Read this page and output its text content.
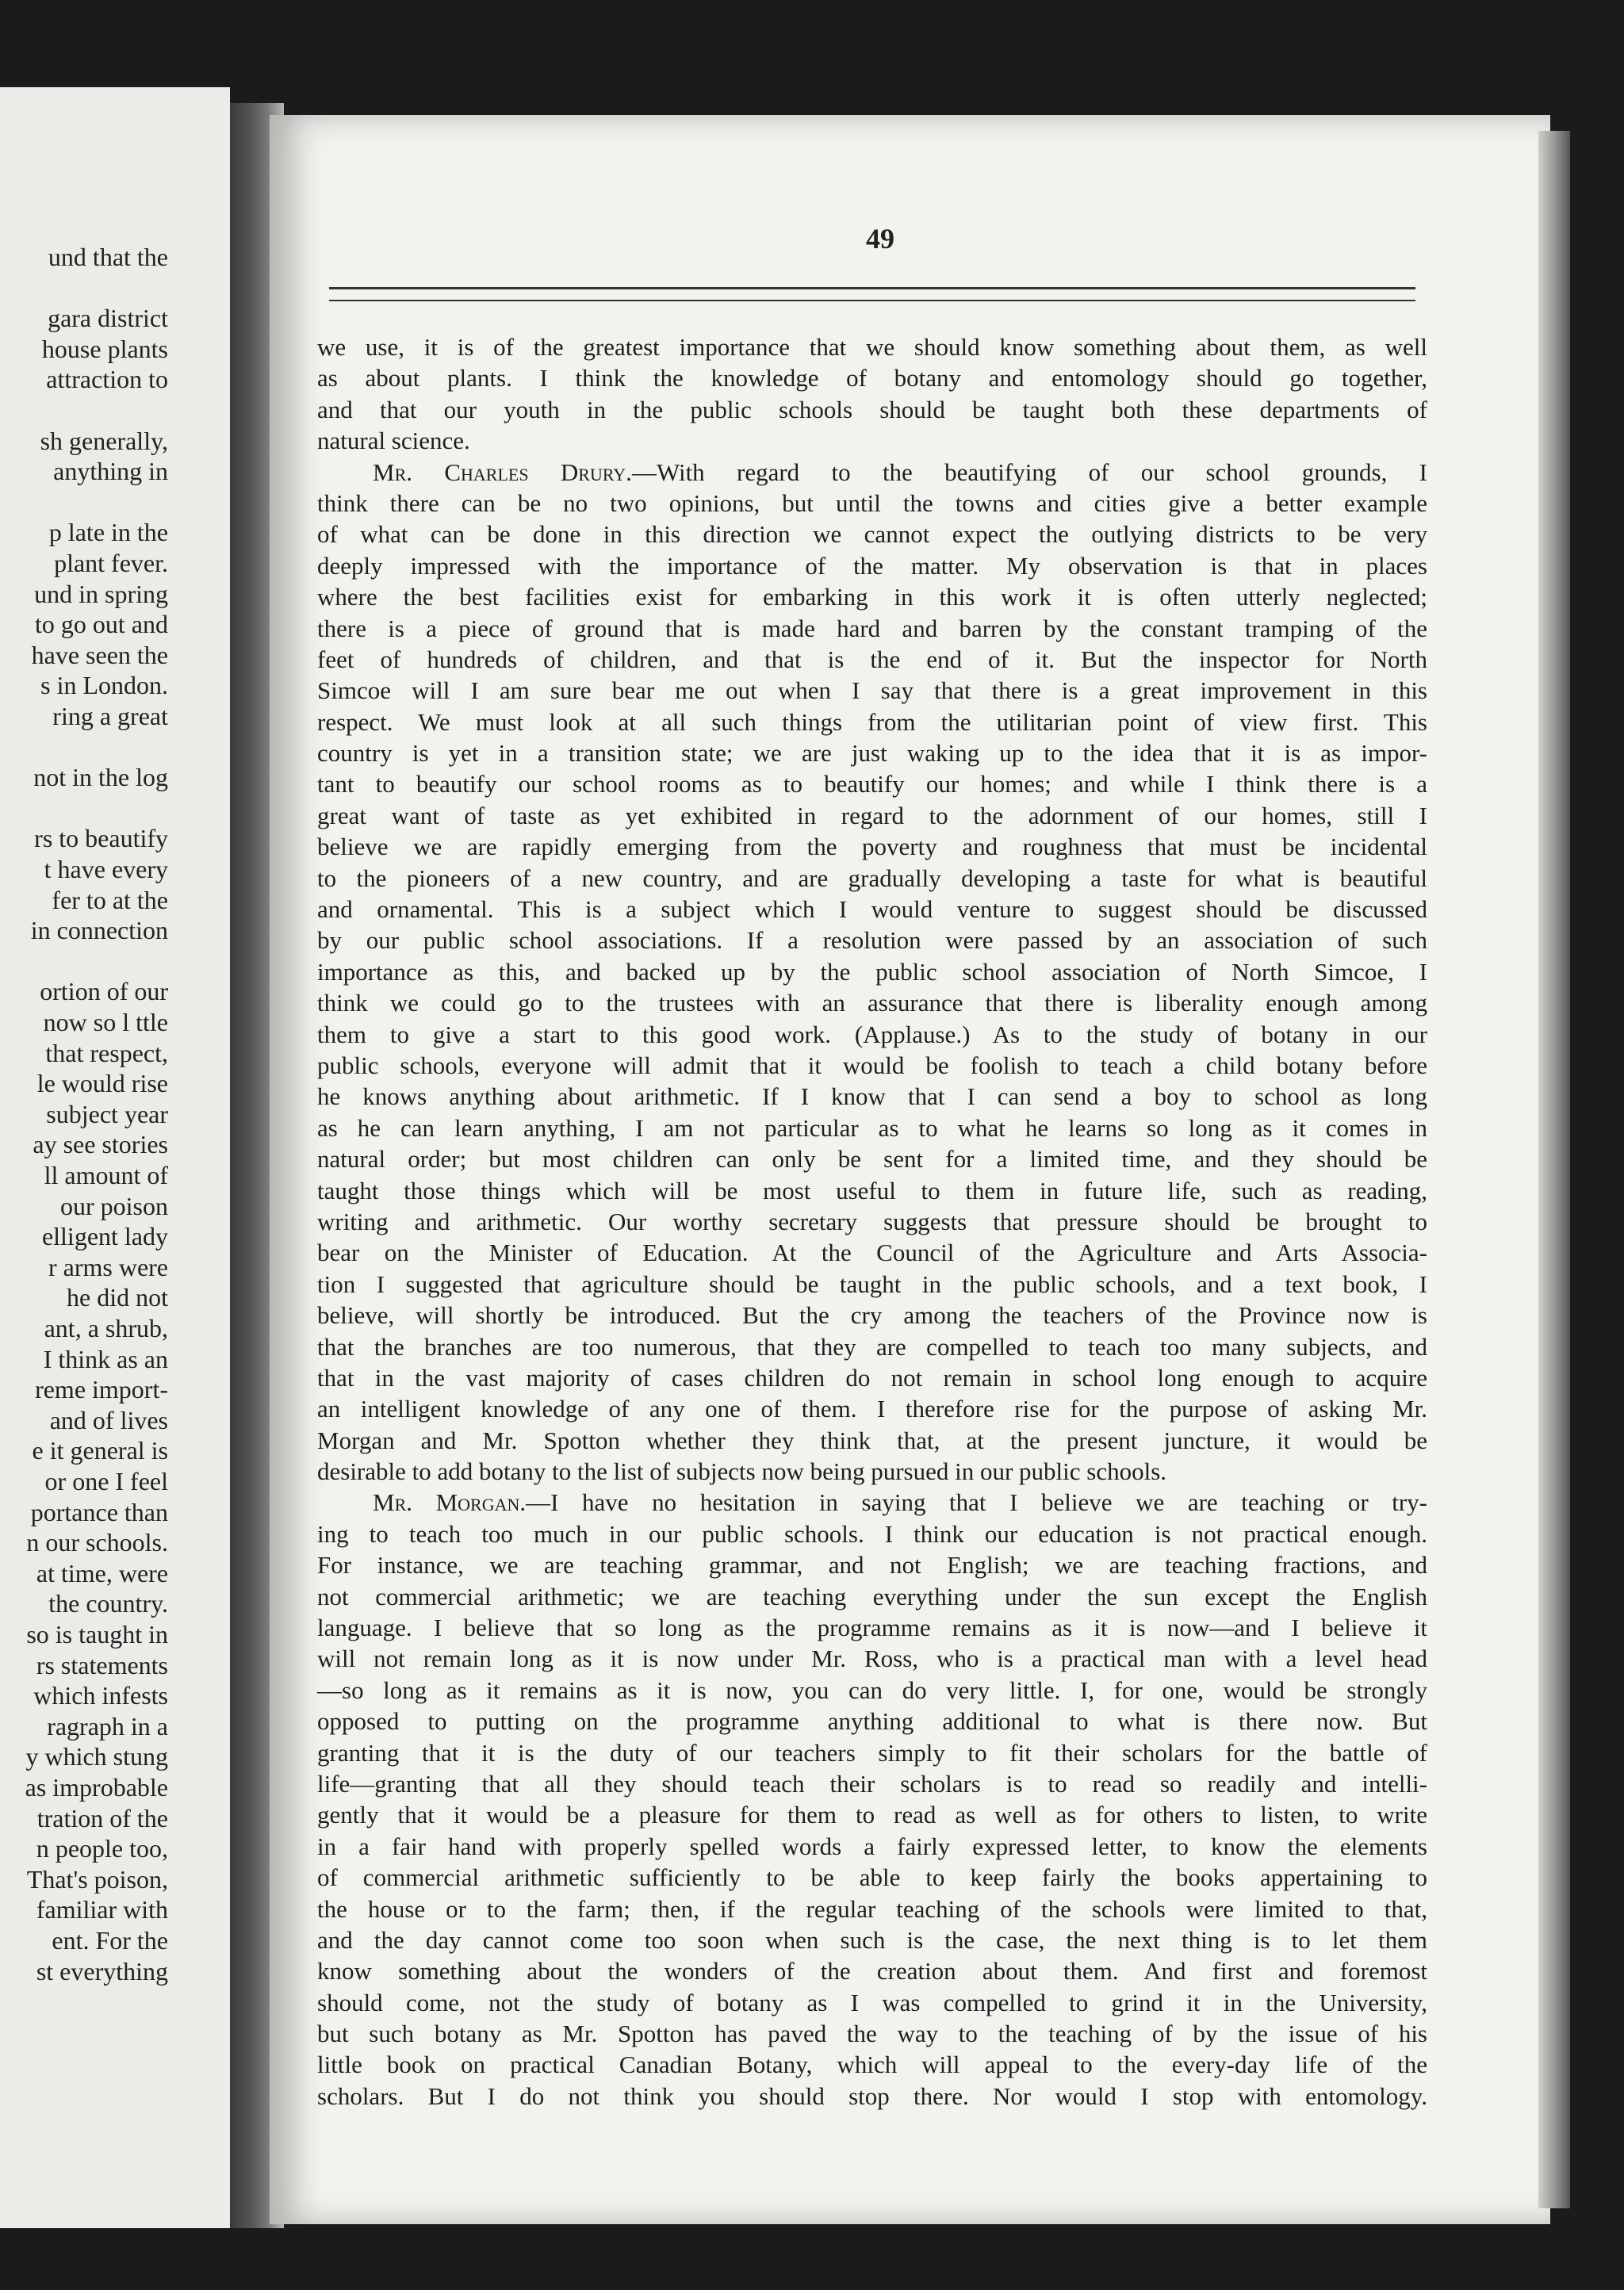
und that the
gara district
house plants
attraction to
sh generally,
anything in
p late in the
plant fever.
und in spring
to go out and
have seen the
s in London.
ring a great
not in the log
rs to beautify
t have every
fer to at the
in connection
ortion of our
now so l ttle
that respect,
le would rise
subject year
ay see stories
ll amount of
our poison
elligent lady
r arms were
he did not
ant, a shrub,
I think as an
reme import-
and of lives
e it general is
or one I feel
portance than
n our schools.
at time, were
the country.
so is taught in
rs statements
which infests
ragraph in a
y which stung
as improbable
tration of the
n people too,
That's poison,
familiar with
ent. For the
st everything
49
we use, it is of the greatest importance that we should know something about them, as well
as about plants. I think the knowledge of botany and entomology should go together,
and that our youth in the public schools should be taught both these departments of
natural science.
Mr. Charles Drury.—With regard to the beautifying of our school grounds, I
think there can be no two opinions, but until the towns and cities give a better example
of what can be done in this direction we cannot expect the outlying districts to be very
deeply impressed with the importance of the matter. My observation is that in places
where the best facilities exist for embarking in this work it is often utterly neglected;
there is a piece of ground that is made hard and barren by the constant tramping of the
feet of hundreds of children, and that is the end of it. But the inspector for North
Simcoe will I am sure bear me out when I say that there is a great improvement in this
respect. We must look at all such things from the utilitarian point of view first. This
country is yet in a transition state; we are just waking up to the idea that it is as impor-
tant to beautify our school rooms as to beautify our homes; and while I think there is a
great want of taste as yet exhibited in regard to the adornment of our homes, still I
believe we are rapidly emerging from the poverty and roughness that must be incidental
to the pioneers of a new country, and are gradually developing a taste for what is beautiful
and ornamental. This is a subject which I would venture to suggest should be discussed
by our public school associations. If a resolution were passed by an association of such
importance as this, and backed up by the public school association of North Simcoe, I
think we could go to the trustees with an assurance that there is liberality enough among
them to give a start to this good work. (Applause.) As to the study of botany in our
public schools, everyone will admit that it would be foolish to teach a child botany before
he knows anything about arithmetic. If I know that I can send a boy to school as long
as he can learn anything, I am not particular as to what he learns so long as it comes in
natural order; but most children can only be sent for a limited time, and they should be
taught those things which will be most useful to them in future life, such as reading,
writing and arithmetic. Our worthy secretary suggests that pressure should be brought to
bear on the Minister of Education. At the Council of the Agriculture and Arts Associa-
tion I suggested that agriculture should be taught in the public schools, and a text book, I
believe, will shortly be introduced. But the cry among the teachers of the Province now is
that the branches are too numerous, that they are compelled to teach too many subjects, and
that in the vast majority of cases children do not remain in school long enough to acquire
an intelligent knowledge of any one of them. I therefore rise for the purpose of asking Mr.
Morgan and Mr. Spotton whether they think that, at the present juncture, it would be
desirable to add botany to the list of subjects now being pursued in our public schools.
Mr. Morgan.—I have no hesitation in saying that I believe we are teaching or try-
ing to teach too much in our public schools. I think our education is not practical enough.
For instance, we are teaching grammar, and not English; we are teaching fractions, and
not commercial arithmetic; we are teaching everything under the sun except the English
language. I believe that so long as the programme remains as it is now—and I believe it
will not remain long as it is now under Mr. Ross, who is a practical man with a level head
—so long as it remains as it is now, you can do very little. I, for one, would be strongly
opposed to putting on the programme anything additional to what is there now. But
granting that it is the duty of our teachers simply to fit their scholars for the battle of
life—granting that all they should teach their scholars is to read so readily and intelli-
gently that it would be a pleasure for them to read as well as for others to listen, to write
in a fair hand with properly spelled words a fairly expressed letter, to know the elements
of commercial arithmetic sufficiently to be able to keep fairly the books appertaining to
the house or to the farm; then, if the regular teaching of the schools were limited to that,
and the day cannot come too soon when such is the case, the next thing is to let them
know something about the wonders of the creation about them. And first and foremost
should come, not the study of botany as I was compelled to grind it in the University,
but such botany as Mr. Spotton has paved the way to the teaching of by the issue of his
little book on practical Canadian Botany, which will appeal to the every-day life of the
scholars. But I do not think you should stop there. Nor would I stop with entomology.
